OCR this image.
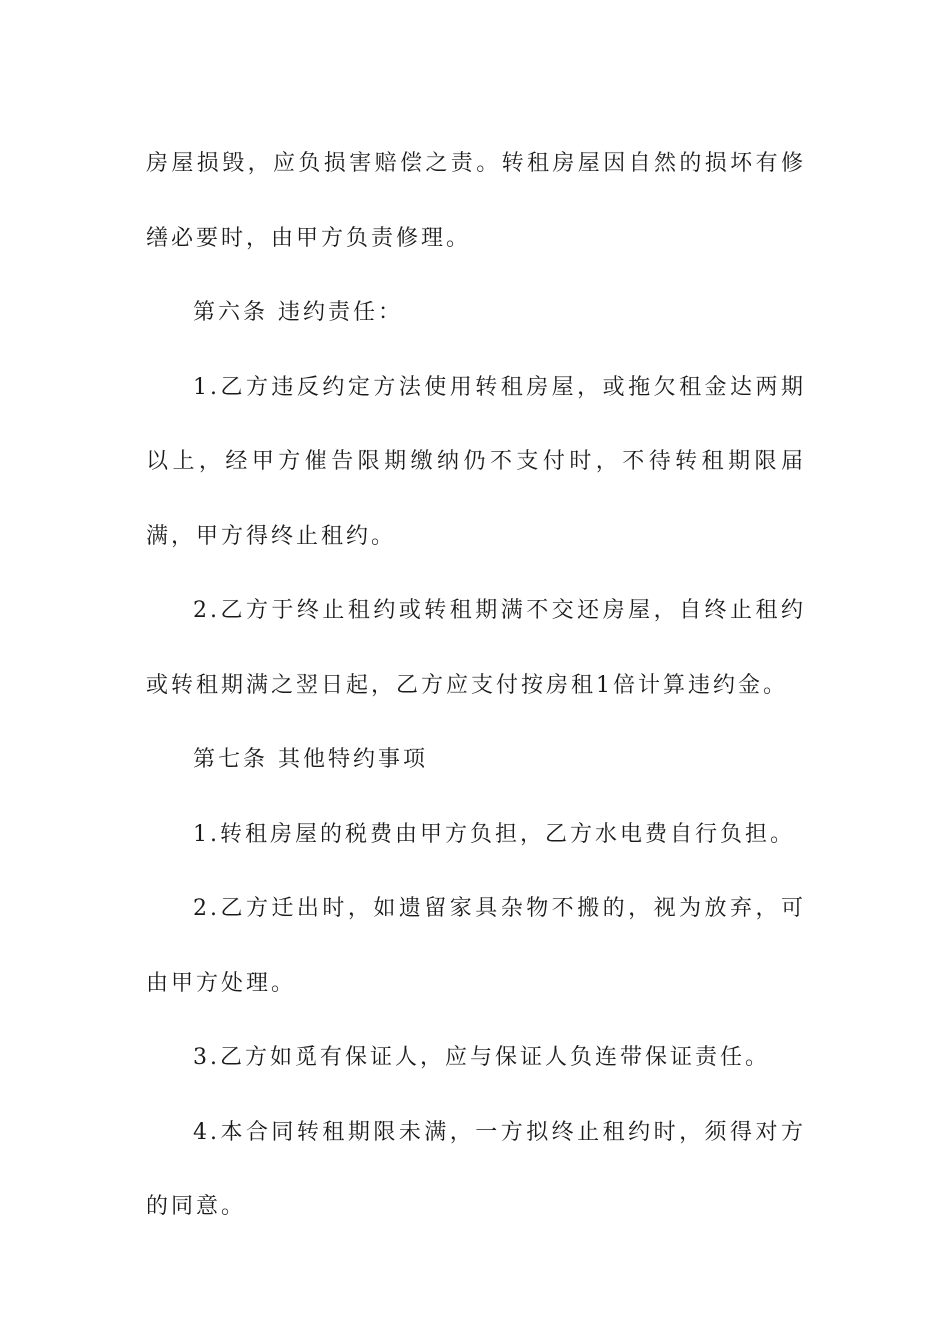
房屋损毁，应负损害赔偿之责。转租房屋因自然的损坏有修缮必要时，由甲方负责修理。

第六条 违约责任：

1.乙方违反约定方法使用转租房屋，或拖欠租金达两期以上，经甲方催告限期缴纳仍不支付时，不待转租期限届满，甲方得终止租约。

2.乙方于终止租约或转租期满不交还房屋，自终止租约或转租期满之翌日起，乙方应支付按房租1倍计算违约金。

第七条 其他特约事项

1.转租房屋的税费由甲方负担，乙方水电费自行负担。

2.乙方迁出时，如遗留家具杂物不搬的，视为放弃，可由甲方处理。

3.乙方如觅有保证人，应与保证人负连带保证责任。

4.本合同转租期限未满，一方拟终止租约时，须得对方的同意。
